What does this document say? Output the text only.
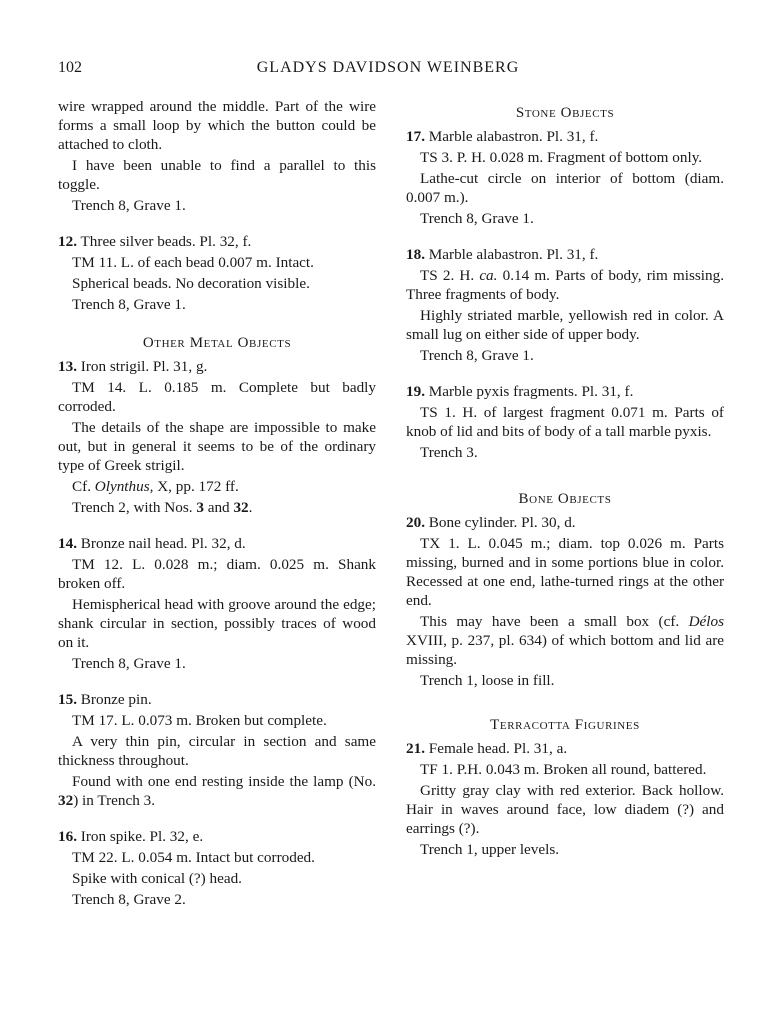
102	GLADYS DAVIDSON WEINBERG

wire wrapped around the middle. Part of the wire forms a small loop by which the button could be attached to cloth.

I have been unable to find a parallel to this toggle.

Trench 8, Grave 1.

12. Three silver beads. Pl. 32, f.

TM 11. L. of each bead 0.007 m. Intact.

Spherical beads. No decoration visible.

Trench 8, Grave 1.

Other Metal Objects

13. Iron strigil. Pl. 31, g.

TM 14. L. 0.185 m. Complete but badly corroded.

The details of the shape are impossible to make out, but in general it seems to be of the ordinary type of Greek strigil.

Cf. Olynthus, X, pp. 172 ff.

Trench 2, with Nos. 3 and 32.

14. Bronze nail head. Pl. 32, d.

TM 12. L. 0.028 m.; diam. 0.025 m. Shank broken off.

Hemispherical head with groove around the edge; shank circular in section, possibly traces of wood on it.

Trench 8, Grave 1.

15. Bronze pin.

TM 17. L. 0.073 m. Broken but complete.

A very thin pin, circular in section and same thickness throughout.

Found with one end resting inside the lamp (No. 32) in Trench 3.

16. Iron spike. Pl. 32, e.

TM 22. L. 0.054 m. Intact but corroded.

Spike with conical (?) head.

Trench 8, Grave 2.

Stone Objects

17. Marble alabastron. Pl. 31, f.

TS 3. P. H. 0.028 m. Fragment of bottom only.

Lathe-cut circle on interior of bottom (diam. 0.007 m.).

Trench 8, Grave 1.

18. Marble alabastron. Pl. 31, f.

TS 2. H. ca. 0.14 m. Parts of body, rim missing. Three fragments of body.

Highly striated marble, yellowish red in color. A small lug on either side of upper body.

Trench 8, Grave 1.

19. Marble pyxis fragments. Pl. 31, f.

TS 1. H. of largest fragment 0.071 m. Parts of knob of lid and bits of body of a tall marble pyxis.

Trench 3.

Bone Objects

20. Bone cylinder. Pl. 30, d.

TX 1. L. 0.045 m.; diam. top 0.026 m. Parts missing, burned and in some portions blue in color. Recessed at one end, lathe-turned rings at the other end.

This may have been a small box (cf. Délos XVIII, p. 237, pl. 634) of which bottom and lid are missing.

Trench 1, loose in fill.

Terracotta Figurines

21. Female head. Pl. 31, a.

TF 1. P.H. 0.043 m. Broken all round, battered.

Gritty gray clay with red exterior. Back hollow. Hair in waves around face, low diadem (?) and earrings (?).

Trench 1, upper levels.
